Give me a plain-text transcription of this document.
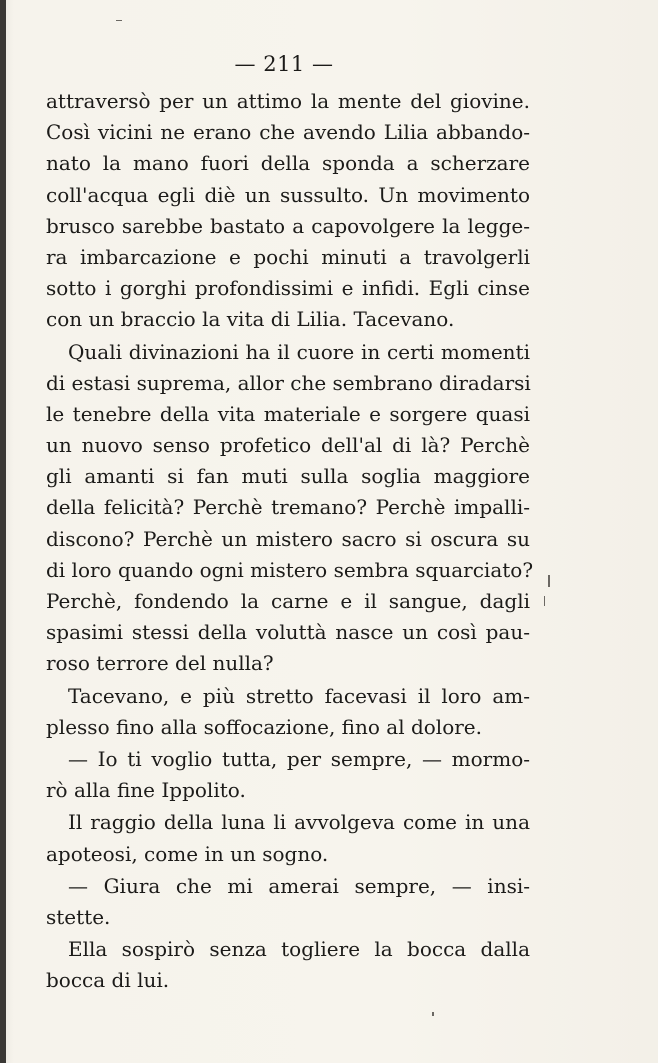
— 211 —
attraversò per un attimo la mente del giovine.
Così vicini ne erano che avendo Lilia abbando-
nato la mano fuori della sponda a scherzare
coll'acqua egli diè un sussulto. Un movimento
brusco sarebbe bastato a capovolgere la legge-
ra imbarcazione e pochi minuti a travolgerli
sotto i gorghi profondissimi e infidi. Egli cinse
con un braccio la vita di Lilia. Tacevano.
Quali divinazioni ha il cuore in certi momenti
di estasi suprema, allor che sembrano diradarsi
le tenebre della vita materiale e sorgere quasi
un nuovo senso profetico dell'al di là? Perchè
gli amanti si fan muti sulla soglia maggiore
della felicità? Perchè tremano? Perchè impalli-
discono? Perchè un mistero sacro si oscura su
di loro quando ogni mistero sembra squarciato?
Perchè, fondendo la carne e il sangue, dagli
spasimi stessi della voluttà nasce un così pau-
roso terrore del nulla?
Tacevano, e più stretto facevasi il loro am-
plesso fino alla soffocazione, fino al dolore.
— Io ti voglio tutta, per sempre, — mormo-
rò alla fine Ippolito.
Il raggio della luna li avvolgeva come in una
apoteosi, come in un sogno.
— Giura che mi amerai sempre, — insi-
stette.
Ella sospirò senza togliere la bocca dalla
bocca di lui.
